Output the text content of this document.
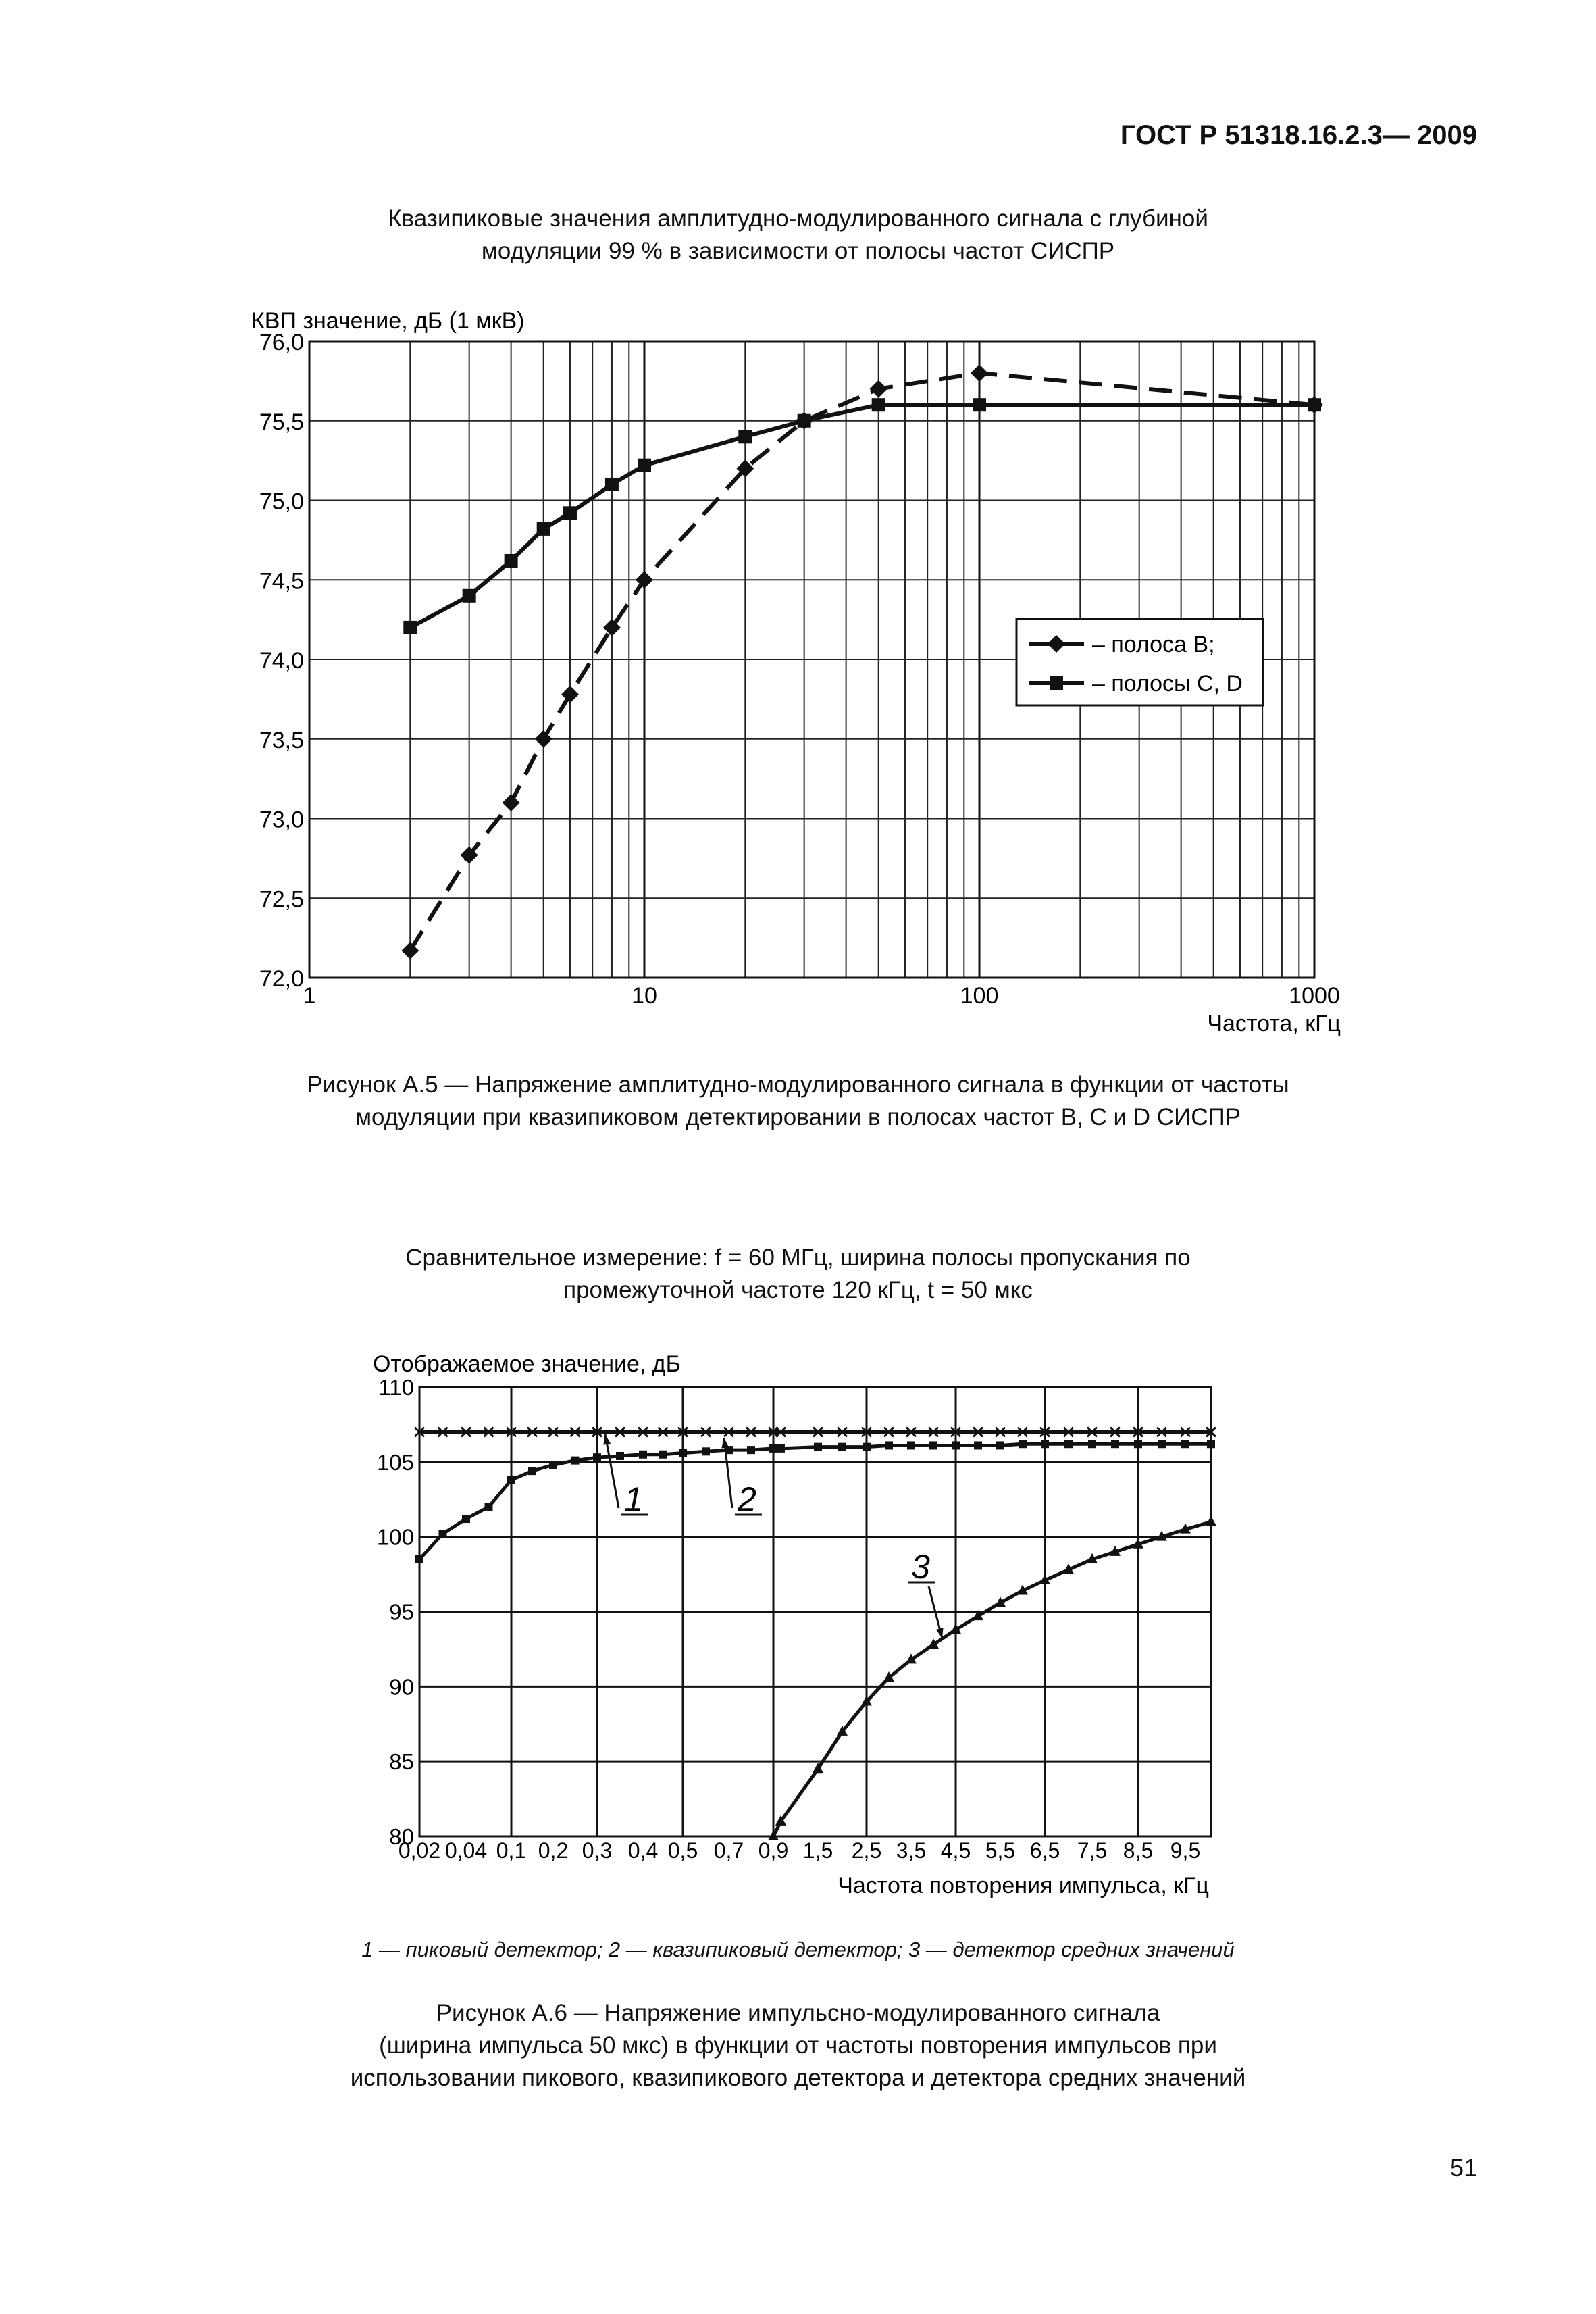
ГОСТ Р 51318.16.2.3— 2009
Квазипиковые значения амплитудно-модулированного сигнала с глубиной
модуляции 99 % в зависимости от полосы частот СИСПР
72,0
72,5
73,0
73,5
74,0
74,5
75,0
75,5
76,0
1	10	100	1000
КВП значение, дБ (1 мкВ)
Частота, кГц
– полоса B;
– полосы C, D
Рисунок А.5 — Напряжение амплитудно-модулированного сигнала в функции от частоты
модуляции при квазипиковом детектировании в полосах частот B, C и D СИСПР
Сравнительное измерение: f = 60 МГц, ширина полосы пропускания по
промежуточной частоте 120 кГц, t = 50 мкс
80
85
90
95
100
105
110
0,02 0,04 0,1 0,2 0,3 0,4 0,5 0,7 0,9 1,5 2,5 3,5 4,5 5,5 6,5 7,5 8,5 9,5
Отображаемое значение, дБ
Частота повторения импульса, кГц
1	2
3
1 — пиковый детектор; 2 — квазипиковый детектор; 3 — детектор средних значений
Рисунок А.6 — Напряжение импульсно-модулированного сигнала
(ширина импульса 50 мкс) в функции от частоты повторения импульсов при
использовании пикового, квазипикового детектора и детектора средних значений
51
